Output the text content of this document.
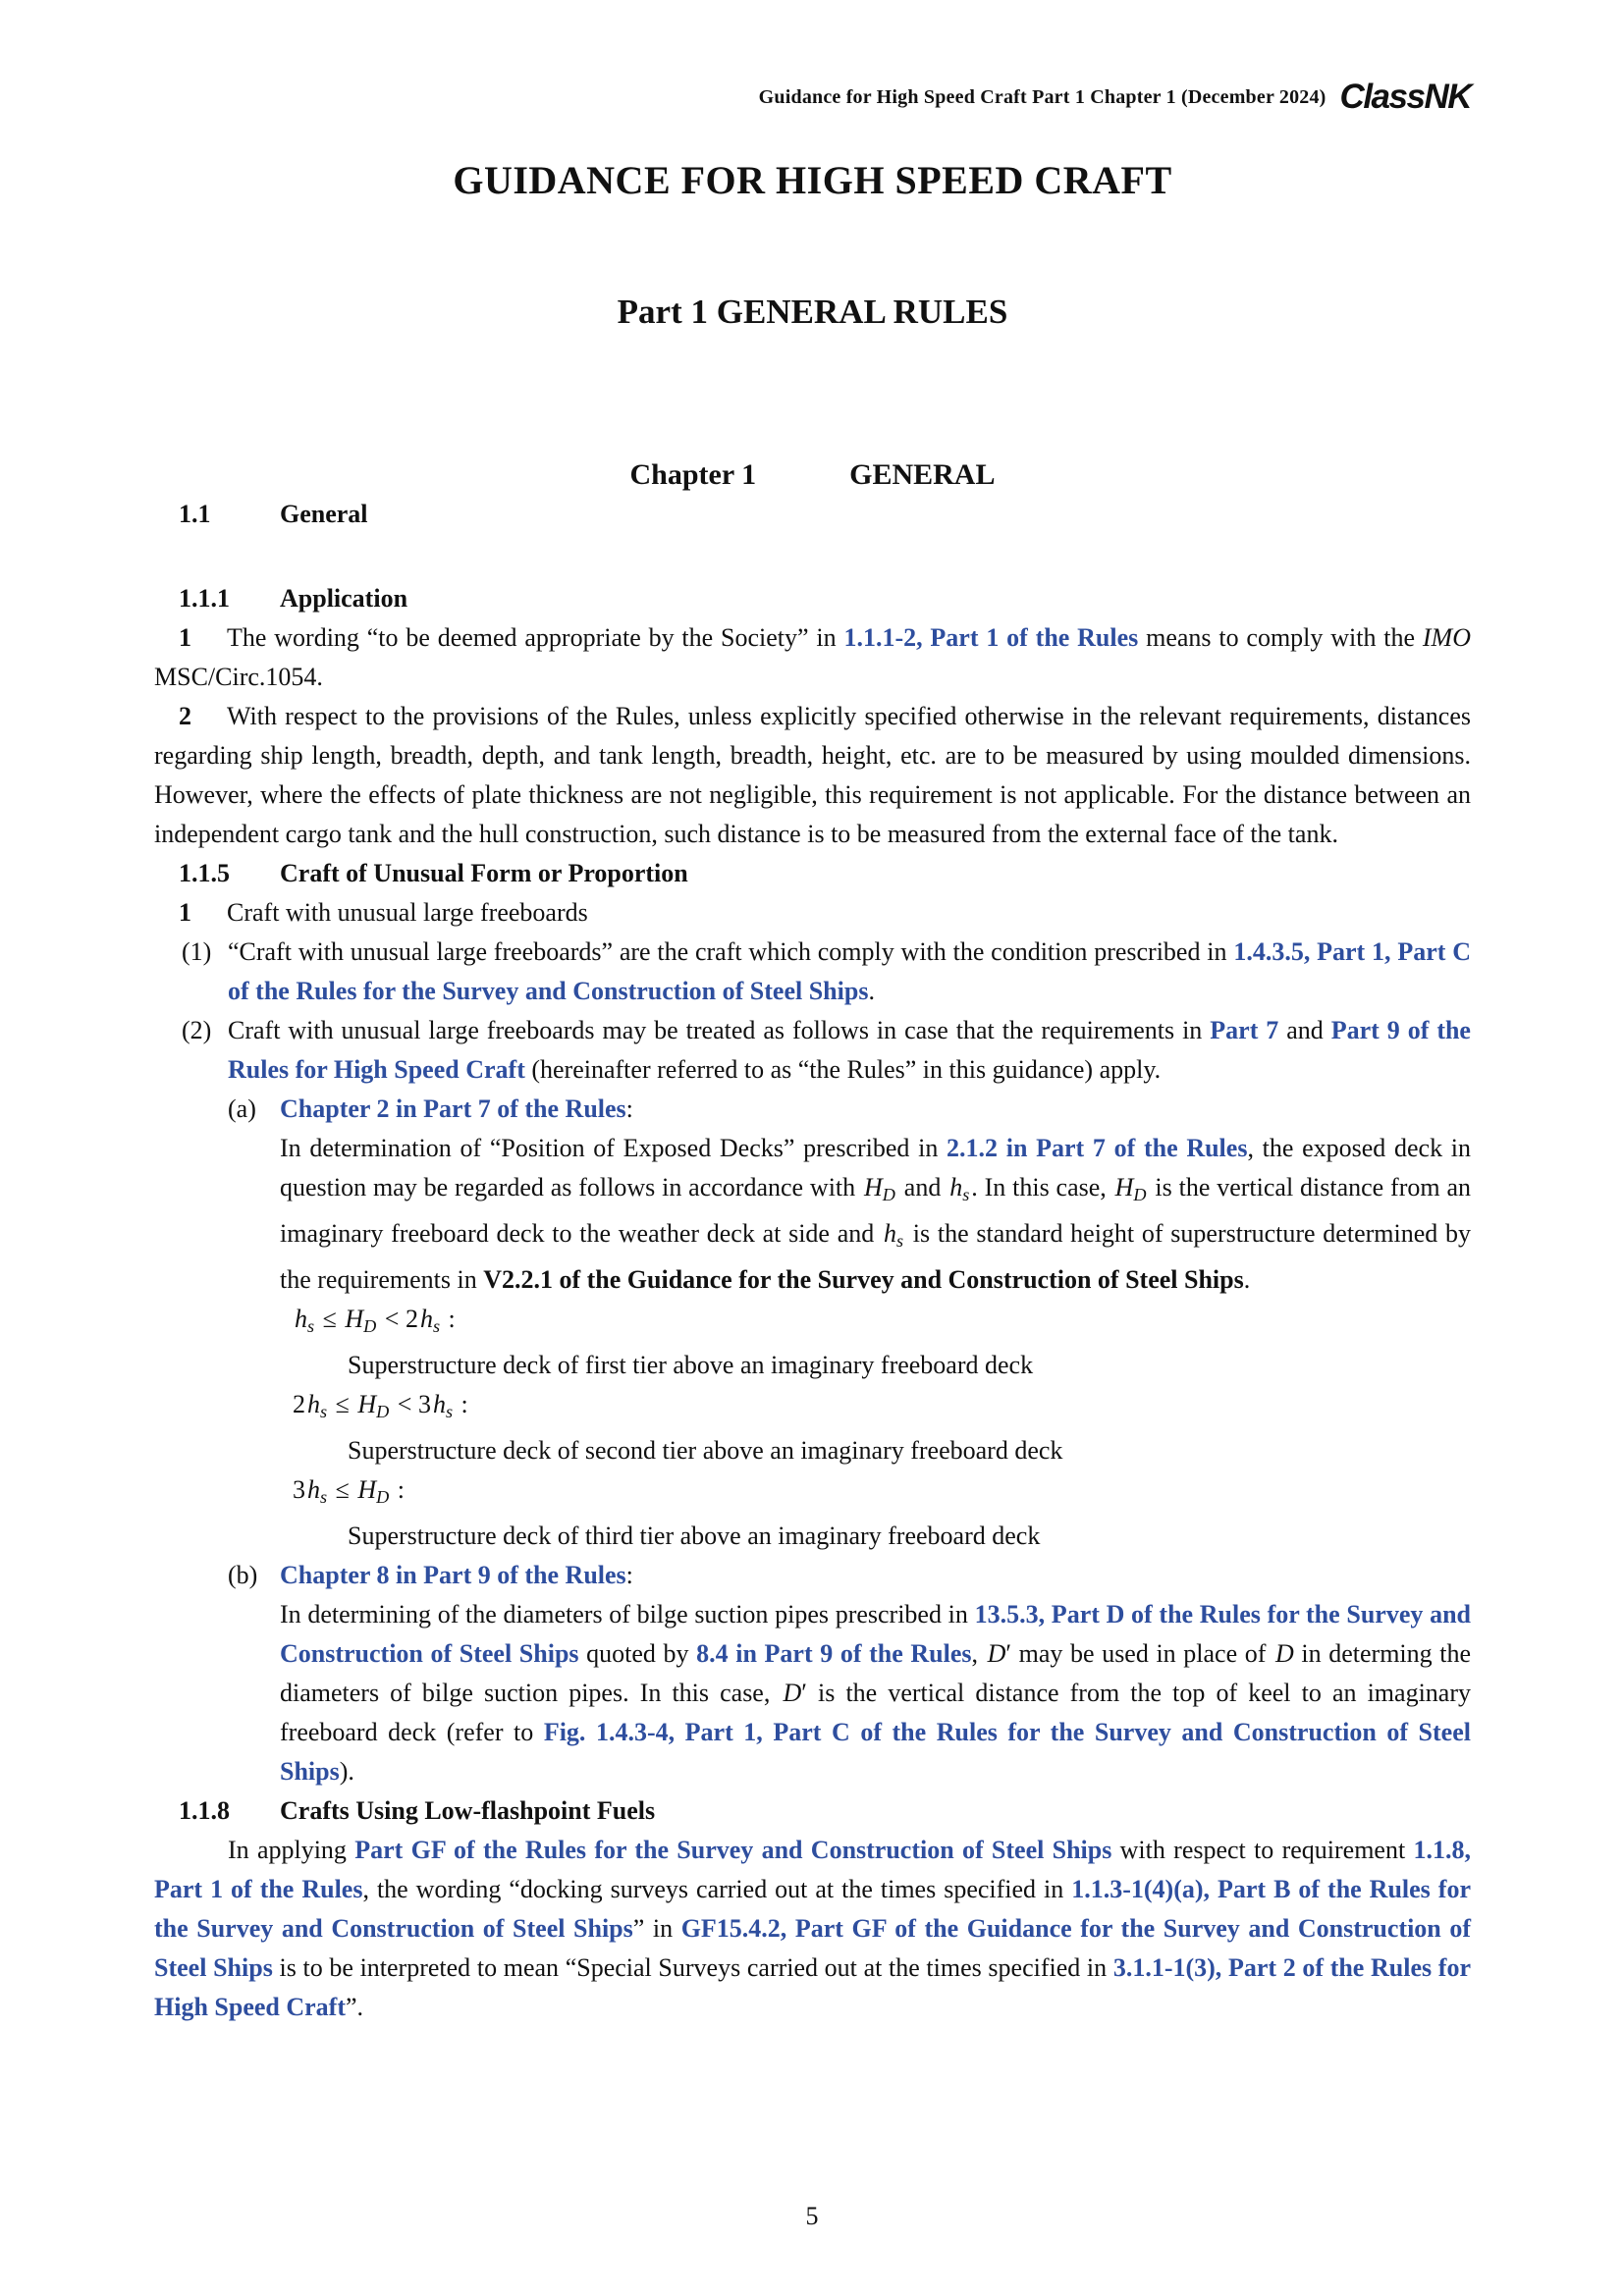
Guidance for High Speed Craft Part 1 Chapter 1 (December 2024) ClassNK
GUIDANCE FOR HIGH SPEED CRAFT
Part 1 GENERAL RULES
Chapter 1	GENERAL
1.1	General
1.1.1 Application
1 The wording “to be deemed appropriate by the Society” in 1.1.1-2, Part 1 of the Rules means to comply with the IMO MSC/Circ.1054.
2 With respect to the provisions of the Rules, unless explicitly specified otherwise in the relevant requirements, distances regarding ship length, breadth, depth, and tank length, breadth, height, etc. are to be measured by using moulded dimensions. However, where the effects of plate thickness are not negligible, this requirement is not applicable. For the distance between an independent cargo tank and the hull construction, such distance is to be measured from the external face of the tank.
1.1.5 Craft of Unusual Form or Proportion
1 Craft with unusual large freeboards
(1) “Craft with unusual large freeboards” are the craft which comply with the condition prescribed in 1.4.3.5, Part 1, Part C of the Rules for the Survey and Construction of Steel Ships.
(2) Craft with unusual large freeboards may be treated as follows in case that the requirements in Part 7 and Part 9 of the Rules for High Speed Craft (hereinafter referred to as “the Rules” in this guidance) apply.
(a) Chapter 2 in Part 7 of the Rules:
In determination of “Position of Exposed Decks” prescribed in 2.1.2 in Part 7 of the Rules, the exposed deck in question may be regarded as follows in accordance with HD and hs. In this case, HD is the vertical distance from an imaginary freeboard deck to the weather deck at side and hs is the standard height of superstructure determined by the requirements in V2.2.1 of the Guidance for the Survey and Construction of Steel Ships.
hs ≤ HD < 2hs :
Superstructure deck of first tier above an imaginary freeboard deck
2hs ≤ HD < 3hs :
Superstructure deck of second tier above an imaginary freeboard deck
3hs ≤ HD :
Superstructure deck of third tier above an imaginary freeboard deck
(b) Chapter 8 in Part 9 of the Rules:
In determining of the diameters of bilge suction pipes prescribed in 13.5.3, Part D of the Rules for the Survey and Construction of Steel Ships quoted by 8.4 in Part 9 of the Rules, D′ may be used in place of D in determing the diameters of bilge suction pipes. In this case, D′ is the vertical distance from the top of keel to an imaginary freeboard deck (refer to Fig. 1.4.3-4, Part 1, Part C of the Rules for the Survey and Construction of Steel Ships).
1.1.8 Crafts Using Low-flashpoint Fuels
In applying Part GF of the Rules for the Survey and Construction of Steel Ships with respect to requirement 1.1.8, Part 1 of the Rules, the wording “docking surveys carried out at the times specified in 1.1.3-1(4)(a), Part B of the Rules for the Survey and Construction of Steel Ships” in GF15.4.2, Part GF of the Guidance for the Survey and Construction of Steel Ships is to be interpreted to mean “Special Surveys carried out at the times specified in 3.1.1-1(3), Part 2 of the Rules for High Speed Craft”.
5
